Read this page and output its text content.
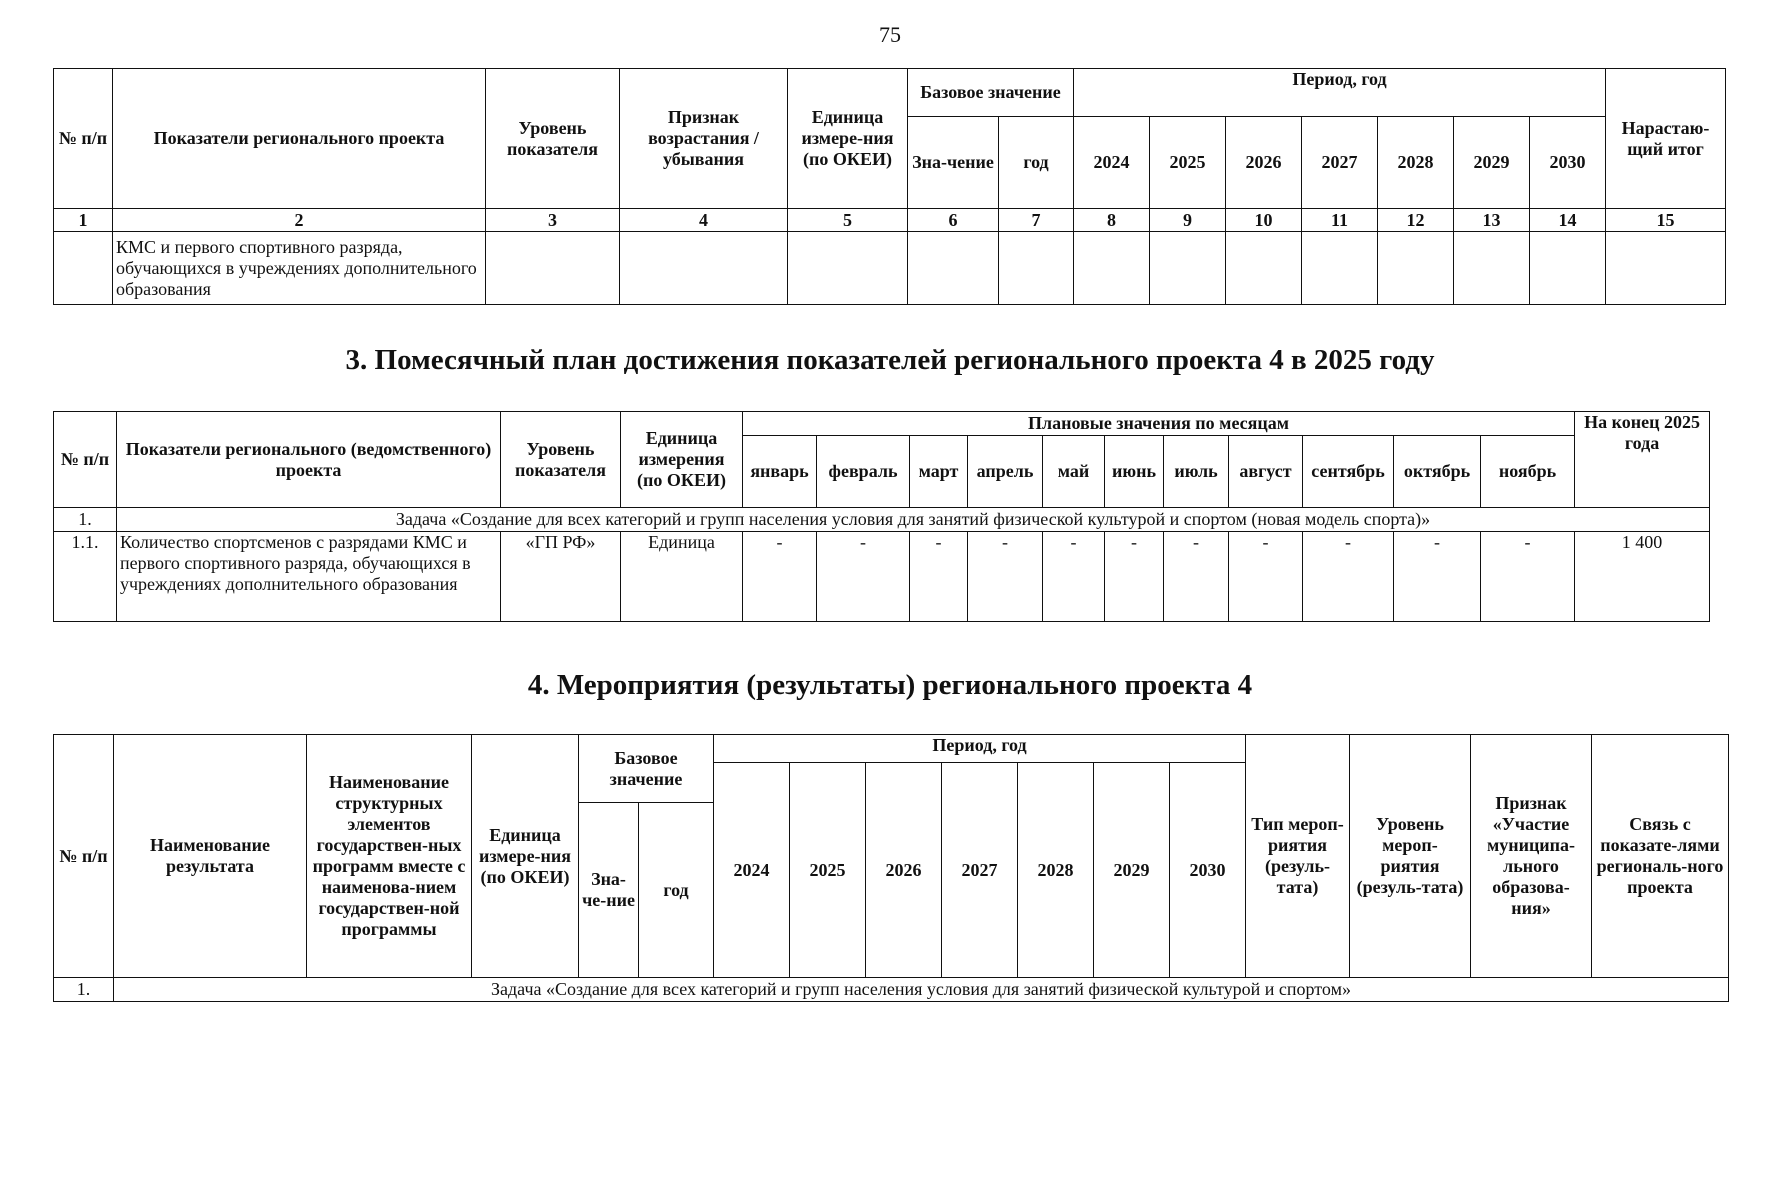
75
№ п/п	Показатели регионального проекта	Уровень показателя	Признак возрастания / убывания	Единица измере-ния (по ОКЕИ)	Базовое значение		Период, год							Нарастаю-щий итог
					Зна-чение	год	2024	2025	2026	2027	2028	2029	2030	
1	2	3	4	5	6	7	8	9	10	11	12	13	14	15
	КМС и первого спортивного разряда, обучающихся в учреждениях дополнительного образования													
3. Помесячный план достижения показателей регионального проекта 4 в 2025 году
№ п/п	Показатели регионального (ведомственного) проекта	Уровень показателя	Единица измерения (по ОКЕИ)	Плановые значения по месяцам											На конец 2025 года
				январь	февраль	март	апрель	май	июнь	июль	август	сентябрь	октябрь	ноябрь	
1.	Задача «Создание для всех категорий и групп населения условия для занятий физической культурой и спортом (новая модель спорта)»														
1.1.	Количество спортсменов с разрядами КМС и первого спортивного разряда, обучающихся в учреждениях дополнительного образования	«ГП РФ»	Единица	-	-	-	-	-	-	-	-	-	-	-	1 400
4. Мероприятия (результаты) регионального проекта 4
№ п/п	Наименование результата	Наименование структурных элементов государствен-ных программ вместе с наименова-нием государствен-ной программы	Единица измере-ния (по ОКЕИ)	Базовое значение		Период, год							Тип мероп-риятия (резуль-тата)	Уровень мероп-риятия (резуль-тата)	Признак «Участие муниципа-льного образова-ния»	Связь с показате-лями региональ-ного проекта
						2024	2025	2026	2027	2028	2029	2030				
				Зна-че-ние	год											
1.	Задача «Создание для всех категорий и групп населения условия для занятий физической культурой и спортом»															
